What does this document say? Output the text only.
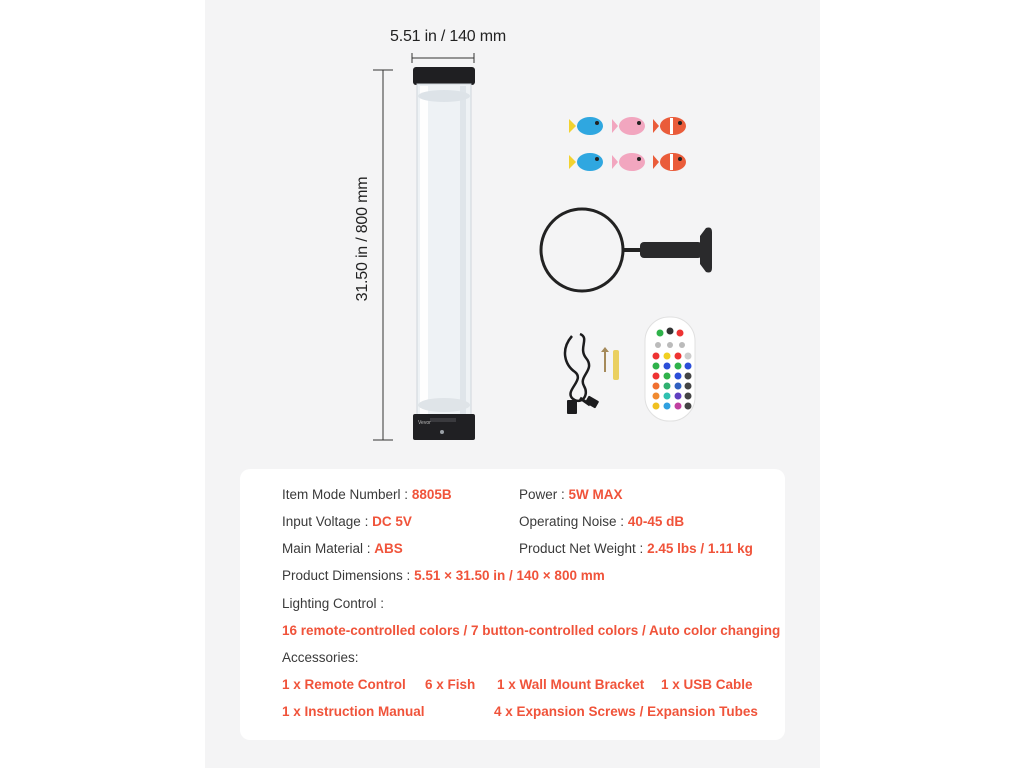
5.51 in / 140 mm
31.50 in / 800 mm
Vevor
Item Mode Numberl : 8805B	Power : 5W MAX
Input Voltage : DC 5V	Operating Noise : 40-45 dB
Main Material : ABS	Product Net Weight : 2.45 lbs / 1.11 kg
Product Dimensions : 5.51 × 31.50 in / 140 × 800 mm
Lighting Control :
16 remote-controlled colors / 7 button-controlled colors / Auto color changing
Accessories:
1 x Remote Control 6 x Fish 1 x Wall Mount Bracket 1 x USB Cable
1 x Instruction Manual	4 x Expansion Screws / Expansion Tubes
